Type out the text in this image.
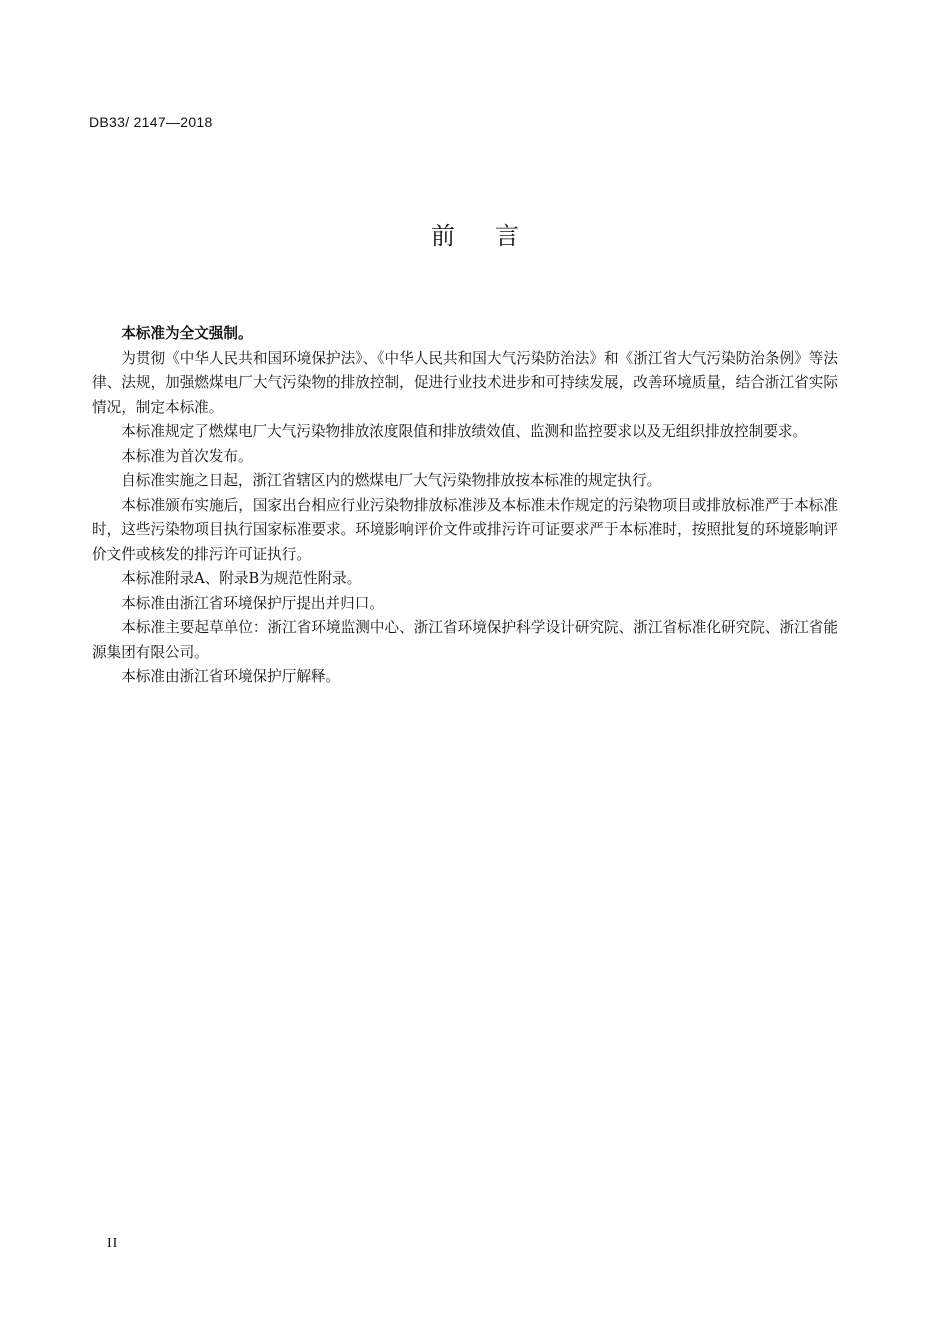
DB33/ 2147—2018
前言

本标准为全文强制。

为贯彻《中华人民共和国环境保护法》、《中华人民共和国大气污染防治法》和《浙江省大气污染防治条例》等法律、法规，加强燃煤电厂大气污染物的排放控制，促进行业技术进步和可持续发展，改善环境质量，结合浙江省实际情况，制定本标准。

本标准规定了燃煤电厂大气污染物排放浓度限值和排放绩效值、监测和监控要求以及无组织排放控制要求。

本标准为首次发布。

自标准实施之日起，浙江省辖区内的燃煤电厂大气污染物排放按本标准的规定执行。

本标准颁布实施后，国家出台相应行业污染物排放标准涉及本标准未作规定的污染物项目或排放标准严于本标准时，这些污染物项目执行国家标准要求。环境影响评价文件或排污许可证要求严于本标准时，按照批复的环境影响评价文件或核发的排污许可证执行。

本标准附录A、附录B为规范性附录。

本标准由浙江省环境保护厅提出并归口。

本标准主要起草单位：浙江省环境监测中心、浙江省环境保护科学设计研究院、浙江省标准化研究院、浙江省能源集团有限公司。

本标准由浙江省环境保护厅解释。

II
